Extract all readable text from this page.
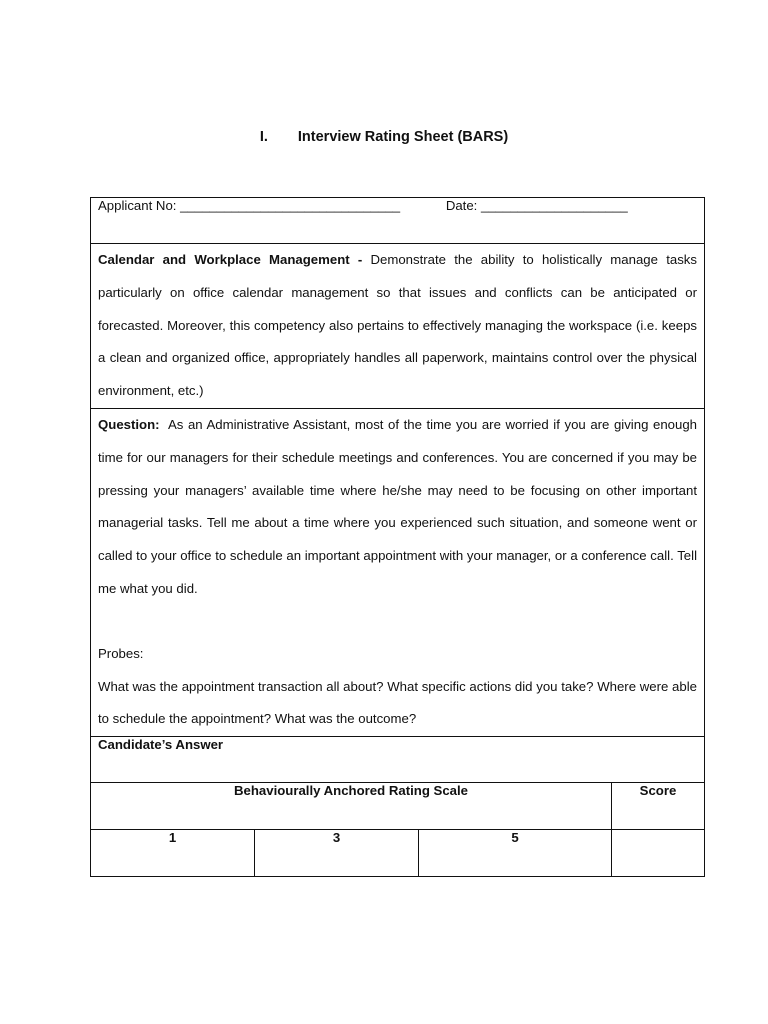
I. Interview Rating Sheet (BARS)
Applicant No: ______________________________ Date: ____________________			

Calendar and Workplace Management - Demonstrate the ability to holistically manage tasks particularly on office calendar management so that issues and conflicts can be anticipated or forecasted. Moreover, this competency also pertains to effectively managing the workspace (i.e. keeps a clean and organized office, appropriately handles all paperwork, maintains control over the physical environment, etc.)			

Question: As an Administrative Assistant, most of the time you are worried if you are giving enough time for our managers for their schedule meetings and conferences. You are concerned if you may be pressing your managers’ available time where he/she may need to be focusing on other important managerial tasks. Tell me about a time where you experienced such situation, and someone went or called to your office to schedule an important appointment with your manager, or a conference call. Tell me what you did.

Probes:

What was the appointment transaction all about? What specific actions did you take? Where were able to schedule the appointment? What was the outcome?			

Candidate’s Answer			
Behaviourally Anchored Rating Scale			Score
1	3	5	
